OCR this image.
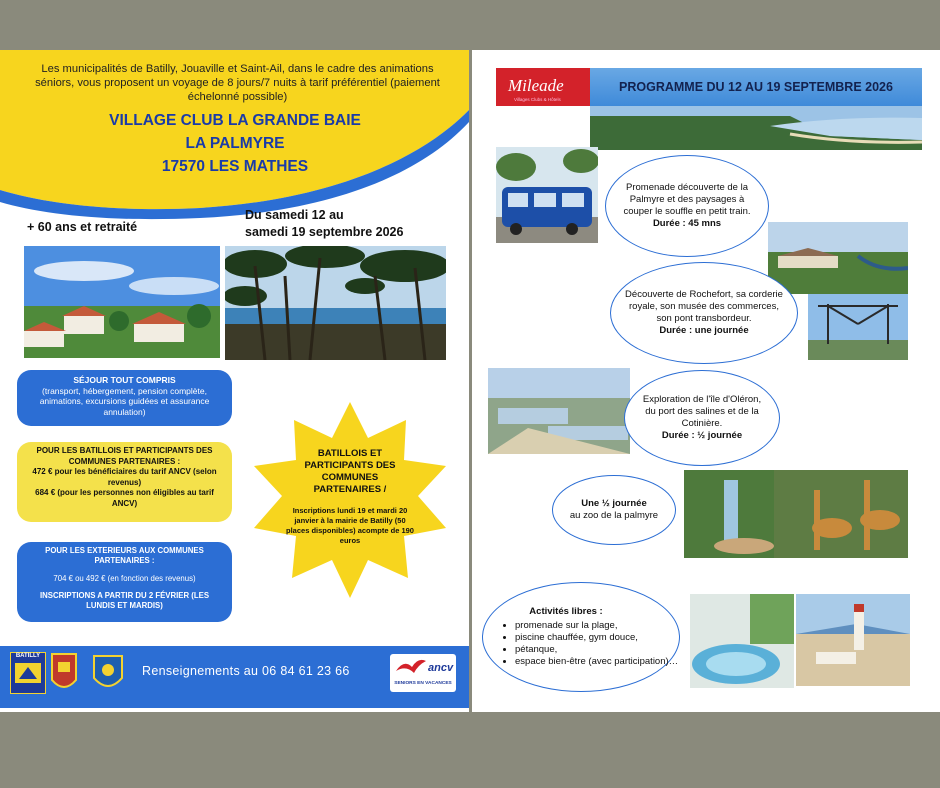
Les municipalités de Batilly, Jouaville et Saint-Ail, dans le cadre des animations séniors, vous proposent un voyage de 8 jours/7 nuits à tarif préférentiel (paiement échelonné possible)
VILLAGE CLUB LA GRANDE BAIE
LA PALMYRE
17570 LES MATHES
+ 60 ans et retraité
Du samedi 12 au
samedi 19 septembre 2026
SÉJOUR TOUT COMPRIS
(transport, hébergement, pension complète, animations, excursions guidées et assurance annulation)
POUR LES BATILLOIS ET PARTICIPANTS DES COMMUNES PARTENAIRES :
472 € pour les bénéficiaires du tarif ANCV (selon revenus)
684 € (pour les personnes non éligibles au tarif ANCV)
POUR LES EXTERIEURS AUX COMMUNES PARTENAIRES :
704 € ou 492 € (en fonction des revenus)
INSCRIPTIONS A PARTIR DU 2 FÉVRIER (LES LUNDIS ET MARDIS)
BATILLOIS ET PARTICIPANTS DES COMMUNES PARTENAIRES /
Inscriptions lundi 19 et mardi 20 janvier à la mairie de Batilly (50 places disponibles) acompte de 190 euros
BATILLY
Renseignements au 06 84 61 23 66	ancv
SENIORS EN VACANCES
Mileade
Villages Clubs & Hôtels
PROGRAMME DU 12 AU 19 SEPTEMBRE 2026
Promenade découverte de la Palmyre et des paysages à couper le souffle en petit train.
Durée : 45 mns
Découverte de Rochefort, sa corderie royale, son musée des commerces, son pont transbordeur.
Durée : une journée
Exploration de l'île d'Oléron, du port des salines et de la Cotinière.
Durée : ½ journée
Une ½ journée
au zoo de la palmyre
Activités libres :
• promenade sur la plage,
• piscine chauffée, gym douce,
• pétanque,
• espace bien-être (avec participation)…
